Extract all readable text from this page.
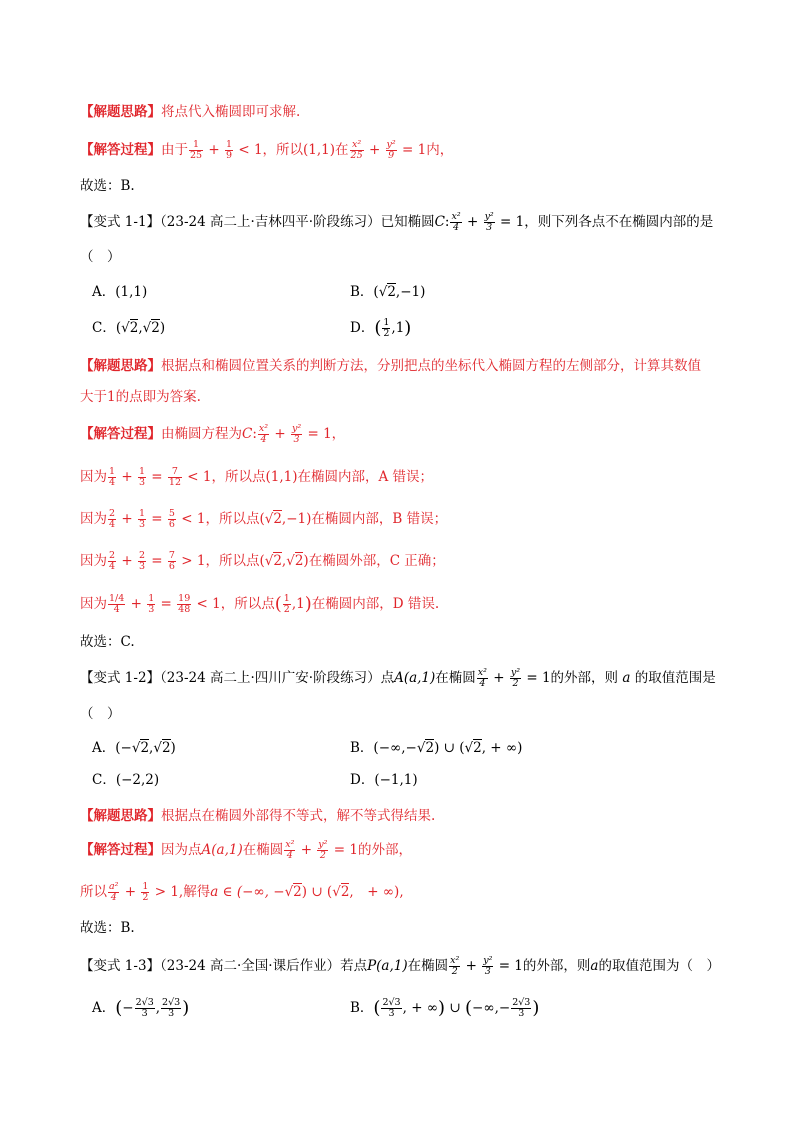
【解题思路】将点代入椭圆即可求解.
【解答过程】由于 $\frac{1}{25} + \frac{1}{9} < 1$，所以(1,1)在 $\frac{\text{x²}}{25} + \frac{\text{y²}}{9} = 1$内，
故选：B.
【变式 1-1】（23-24 高二上·吉林四平·阶段练习）已知椭圆C: $\frac{\text{x²}}{4} + \frac{\text{y²}}{3} = 1$，则下列各点不在椭圆内部的是
（　）
A．(1,1)	B．(√2,−1)
C．(√2,√2)	D．( $\frac{1}{2} ,1$)
【解题思路】根据点和椭圆位置关系的判断方法，分别把点的坐标代入椭圆方程的左侧部分，计算其数值
大于1的点即为答案.
【解答过程】由椭圆方程为C: $\frac{\text{x²}}{4} + \frac{\text{y²}}{3} = 1$，
因为 $\frac{1}{4} + \frac{1}{3} = \frac{7}{12} < 1$，所以点(1,1)在椭圆内部，A 错误；
因为 $\frac{2}{4} + \frac{1}{3} = \frac{5}{6} < 1$，所以点(√2,−1)在椭圆内部，B 错误；
因为 $\frac{2}{4} + \frac{2}{3} = \frac{7}{6} > 1$，所以点(√2,√2)在椭圆外部，C 正确；
因为 $\frac{1/4}{4} + \frac{1}{3} = \frac{19}{48} < 1$，所以点( $\frac{1}{2} ,1$)在椭圆内部，D 错误.
故选：C.
【变式 1-2】（23-24 高二上·四川广安·阶段练习）点A(a,1)在椭圆 $\frac{\text{x²}}{4} + \frac{\text{y²}}{2} = 1$的外部，则 a 的取值范围是
（　）
A．(−√2,√2)	B．(−∞,−√2) ∪ (√2, + ∞)
C．(−2,2)	D．(−1,1)
【解题思路】根据点在椭圆外部得不等式，解不等式得结果.
【解答过程】因为点A(a,1)在椭圆 $\frac{\text{x²}}{4} + \frac{\text{y²}}{2} = 1$的外部，
所以 $\frac{\text{a²}}{4} + \frac{1}{2} > 1$,解得a ∈ (−∞, −√2) ∪ (√2,　+ ∞),
故选：B.
【变式 1-3】（23-24 高二·全国·课后作业）若点P(a,1)在椭圆 $\frac{\text{x²}}{2} + \frac{\text{y²}}{3} = 1$的外部，则a的取值范围为（　）
A．(− $\frac{2√3}{3}$ , $\frac{2√3}{3}$ )	B．( $\frac{2√3}{3}$ , + ∞) ∪ (−∞,− $\frac{2√3}{3}$ )
